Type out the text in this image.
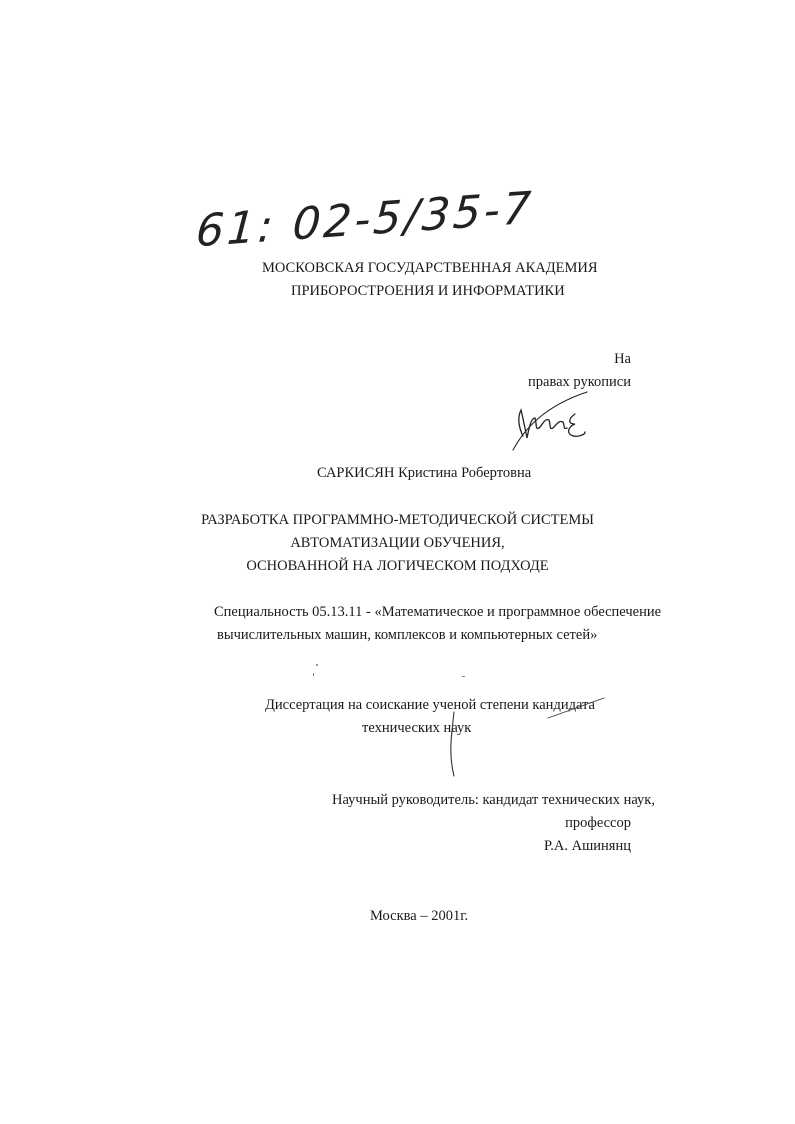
61: 02-5/35-7
МОСКОВСКАЯ ГОСУДАРСТВЕННАЯ АКАДЕМИЯ
ПРИБОРОСТРОЕНИЯ И ИНФОРМАТИКИ
На
правах рукописи
САРКИСЯН Кристина Робертовна
РАЗРАБОТКА ПРОГРАММНО-МЕТОДИЧЕСКОЙ СИСТЕМЫ
АВТОМАТИЗАЦИИ ОБУЧЕНИЯ,
ОСНОВАННОЙ НА ЛОГИЧЕСКОМ ПОДХОДЕ
Специальность 05.13.11 - «Математическое и программное обеспечение
вычислительных машин, комплексов и компьютерных сетей»
Диссертация на соискание ученой степени кандидата
технических наук
Научный руководитель: кандидат технических наук,
профессор
Р.А. Ашинянц
Москва – 2001г.
